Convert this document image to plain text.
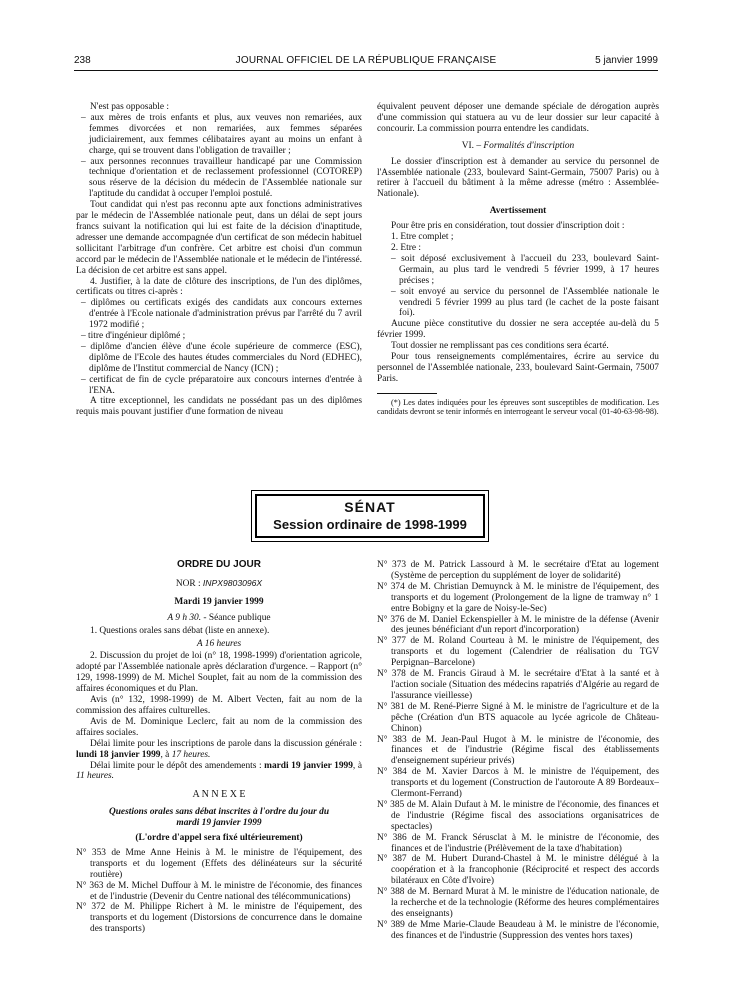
238	JOURNAL OFFICIEL DE LA RÉPUBLIQUE FRANÇAISE	5 janvier 1999

N'est pas opposable :

– aux mères de trois enfants et plus, aux veuves non remariées, aux femmes divorcées et non remariées, aux femmes séparées judiciairement, aux femmes célibataires ayant au moins un enfant à charge, qui se trouvent dans l'obligation de travailler ;

– aux personnes reconnues travailleur handicapé par une Commission technique d'orientation et de reclassement professionnel (COTOREP) sous réserve de la décision du médecin de l'Assemblée nationale sur l'aptitude du candidat à occuper l'emploi postulé.

Tout candidat qui n'est pas reconnu apte aux fonctions administratives par le médecin de l'Assemblée nationale peut, dans un délai de sept jours francs suivant la notification qui lui est faite de la décision d'inaptitude, adresser une demande accompagnée d'un certificat de son médecin habituel sollicitant l'arbitrage d'un confrère. Cet arbitre est choisi d'un commun accord par le médecin de l'Assemblée nationale et le médecin de l'intéressé. La décision de cet arbitre est sans appel.

4. Justifier, à la date de clôture des inscriptions, de l'un des diplômes, certificats ou titres ci-après :

– diplômes ou certificats exigés des candidats aux concours externes d'entrée à l'Ecole nationale d'administration prévus par l'arrêté du 7 avril 1972 modifié ;

– titre d'ingénieur diplômé ;

– diplôme d'ancien élève d'une école supérieure de commerce (ESC), diplôme de l'Ecole des hautes études commerciales du Nord (EDHEC), diplôme de l'Institut commercial de Nancy (ICN) ;

– certificat de fin de cycle préparatoire aux concours internes d'entrée à l'ENA.

A titre exceptionnel, les candidats ne possédant pas un des diplômes requis mais pouvant justifier d'une formation de niveau

équivalent peuvent déposer une demande spéciale de dérogation auprès d'une commission qui statuera au vu de leur dossier sur leur capacité à concourir. La commission pourra entendre les candidats.

VI. – Formalités d'inscription

Le dossier d'inscription est à demander au service du personnel de l'Assemblée nationale (233, boulevard Saint-Germain, 75007 Paris) ou à retirer à l'accueil du bâtiment à la même adresse (métro : Assemblée-Nationale).

Avertissement

Pour être pris en considération, tout dossier d'inscription doit :

1. Etre complet ;

2. Etre :

– soit déposé exclusivement à l'accueil du 233, boulevard Saint-Germain, au plus tard le vendredi 5 février 1999, à 17 heures précises ;

– soit envoyé au service du personnel de l'Assemblée nationale le vendredi 5 février 1999 au plus tard (le cachet de la poste faisant foi).

Aucune pièce constitutive du dossier ne sera acceptée au-delà du 5 février 1999.

Tout dossier ne remplissant pas ces conditions sera écarté.

Pour tous renseignements complémentaires, écrire au service du personnel de l'Assemblée nationale, 233, boulevard Saint-Germain, 75007 Paris.

(*) Les dates indiquées pour les épreuves sont susceptibles de modification. Les candidats devront se tenir informés en interrogeant le serveur vocal (01-40-63-98-98).

SÉNAT
Session ordinaire de 1998-1999

ORDRE DU JOUR

NOR : INPX9803096X

Mardi 19 janvier 1999

A 9 h 30. - Séance publique

1. Questions orales sans débat (liste en annexe).

A 16 heures

2. Discussion du projet de loi (n° 18, 1998-1999) d'orientation agricole, adopté par l'Assemblée nationale après déclaration d'urgence. – Rapport (n° 129, 1998-1999) de M. Michel Souplet, fait au nom de la commission des affaires économiques et du Plan.

Avis (n° 132, 1998-1999) de M. Albert Vecten, fait au nom de la commission des affaires culturelles.

Avis de M. Dominique Leclerc, fait au nom de la commission des affaires sociales.

Délai limite pour les inscriptions de parole dans la discussion générale : lundi 18 janvier 1999, à 17 heures.

Délai limite pour le dépôt des amendements : mardi 19 janvier 1999, à 11 heures.

A N N E X E

Questions orales sans débat inscrites à l'ordre du jour du mardi 19 janvier 1999

(L'ordre d'appel sera fixé ultérieurement)

N° 353 de Mme Anne Heinis à M. le ministre de l'équipement, des transports et du logement (Effets des délinéateurs sur la sécurité routière)

N° 363 de M. Michel Duffour à M. le ministre de l'économie, des finances et de l'industrie (Devenir du Centre national des télécommunications)

N° 372 de M. Philippe Richert à M. le ministre de l'équipement, des transports et du logement (Distorsions de concurrence dans le domaine des transports)

N° 373 de M. Patrick Lassourd à M. le secrétaire d'Etat au logement (Système de perception du supplément de loyer de solidarité)

N° 374 de M. Christian Demuynck à M. le ministre de l'équipement, des transports et du logement (Prolongement de la ligne de tramway n° 1 entre Bobigny et la gare de Noisy-le-Sec)

N° 376 de M. Daniel Eckenspieller à M. le ministre de la défense (Avenir des jeunes bénéficiant d'un report d'incorporation)

N° 377 de M. Roland Courteau à M. le ministre de l'équipement, des transports et du logement (Calendrier de réalisation du TGV Perpignan–Barcelone)

N° 378 de M. Francis Giraud à M. le secrétaire d'Etat à la santé et à l'action sociale (Situation des médecins rapatriés d'Algérie au regard de l'assurance vieillesse)

N° 381 de M. René-Pierre Signé à M. le ministre de l'agriculture et de la pêche (Création d'un BTS aquacole au lycée agricole de Château-Chinon)

N° 383 de M. Jean-Paul Hugot à M. le ministre de l'économie, des finances et de l'industrie (Régime fiscal des établissements d'enseignement supérieur privés)

N° 384 de M. Xavier Darcos à M. le ministre de l'équipement, des transports et du logement (Construction de l'autoroute A 89 Bordeaux–Clermont-Ferrand)

N° 385 de M. Alain Dufaut à M. le ministre de l'économie, des finances et de l'industrie (Régime fiscal des associations organisatrices de spectacles)

N° 386 de M. Franck Sérusclat à M. le ministre de l'économie, des finances et de l'industrie (Prélèvement de la taxe d'habitation)

N° 387 de M. Hubert Durand-Chastel à M. le ministre délégué à la coopération et à la francophonie (Réciprocité et respect des accords bilatéraux en Côte d'Ivoire)

N° 388 de M. Bernard Murat à M. le ministre de l'éducation nationale, de la recherche et de la technologie (Réforme des heures complémentaires des enseignants)

N° 389 de Mme Marie-Claude Beaudeau à M. le ministre de l'économie, des finances et de l'industrie (Suppression des ventes hors taxes)
